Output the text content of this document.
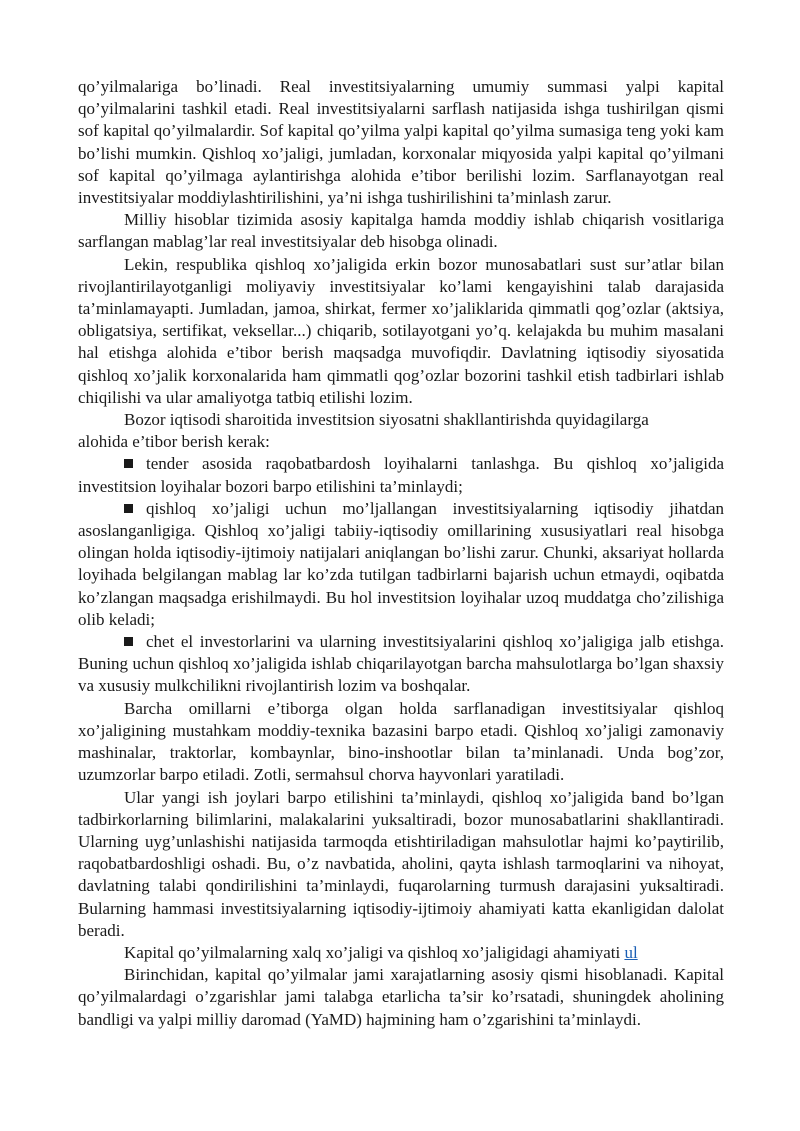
qo’yilmalariga bo’linadi. Real investitsiyalarning umumiy summasi yalpi kapital qo’yilmalarini tashkil etadi. Real investitsiyalarni sarflash natijasida ishga tushirilgan qismi sof kapital qo’yilmalardir. Sof kapital qo’yilma yalpi kapital qo’yilma sumasiga teng yoki kam bo’lishi mumkin. Qishloq xo’jaligi, jumladan, korxonalar miqyosida yalpi kapital qo’yilmani sof kapital qo’yilmaga aylantirishga alohida e’tibor berilishi lozim. Sarflanayotgan real investitsiyalar moddiylashtirilishini, ya’ni ishga tushirilishini ta’minlash zarur.

Milliy hisoblar tizimida asosiy kapitalga hamda moddiy ishlab chiqarish vositlariga sarflangan mablag’lar real investitsiyalar deb hisobga olinadi.

Lekin, respublika qishloq xo’jaligida erkin bozor munosabatlari sust sur’atlar bilan rivojlantirilayotganligi moliyaviy investitsiyalar ko’lami kengayishini talab darajasida ta’minlamayapti. Jumladan, jamoa, shirkat, fermer xo’jaliklarida qimmatli qog’ozlar (aktsiya, obligatsiya, sertifikat, veksellar...) chiqarib, sotilayotgani yo’q. kelajakda bu muhim masalani hal etishga alohida e’tibor berish maqsadga muvofiqdir. Davlatning iqtisodiy siyosatida qishloq xo’jalik korxonalarida ham qimmatli qog’ozlar bozorini tashkil etish tadbirlari ishlab chiqilishi va ular amaliyotga tatbiq etilishi lozim.

Bozor iqtisodi sharoitida investitsion siyosatni shakllantirishda quyidagilarga

alohida e’tibor berish kerak:

tender asosida raqobatbardosh loyihalarni tanlashga. Bu qishloq xo’jaligida investitsion loyihalar bozori barpo etilishini ta’minlaydi;

qishloq xo’jaligi uchun mo’ljallangan investitsiyalarning iqtisodiy jihatdan asoslanganligiga. Qishloq xo’jaligi tabiiy-iqtisodiy omillarining xususiyatlari real hisobga olingan holda iqtisodiy-ijtimoiy natijalari aniqlangan bo’lishi zarur. Chunki, aksariyat hollarda loyihada belgilangan mablag lar ko’zda tutilgan tadbirlarni bajarish uchun etmaydi, oqibatda ko’zlangan maqsadga erishilmaydi. Bu hol investitsion loyihalar uzoq muddatga cho’zilishiga olib keladi;

chet el investorlarini va ularning investitsiyalarini qishloq xo’jaligiga jalb etishga. Buning uchun qishloq xo’jaligida ishlab chiqarilayotgan barcha mahsulotlarga bo’lgan shaxsiy va xususiy mulkchilikni rivojlantirish lozim va boshqalar.

Barcha omillarni e’tiborga olgan holda sarflanadigan investitsiyalar qishloq xo’jaligining mustahkam moddiy-texnika bazasini barpo etadi. Qishloq xo’jaligi zamonaviy mashinalar, traktorlar, kombaynlar, bino-inshootlar bilan ta’minlanadi. Unda bog’zor, uzumzorlar barpo etiladi. Zotli, sermahsul chorva hayvonlari yaratiladi.

Ular yangi ish joylari barpo etilishini ta’minlaydi, qishloq xo’jaligida band bo’lgan tadbirkorlarning bilimlarini, malakalarini yuksaltiradi, bozor munosabatlarini shakllantiradi. Ularning uyg’unlashishi natijasida tarmoqda etishtiriladigan mahsulotlar hajmi ko’paytirilib, raqobatbardoshligi oshadi. Bu, o’z navbatida, aholini, qayta ishlash tarmoqlarini va nihoyat, davlatning talabi qondirilishini ta’minlaydi, fuqarolarning turmush darajasini yuksaltiradi. Bularning hammasi investitsiyalarning iqtisodiy-ijtimoiy ahamiyati katta ekanligidan dalolat beradi.

Kapital qo’yilmalarning xalq xo’jaligi va qishloq xo’jaligidagi ahamiyati ul

Birinchidan, kapital qo’yilmalar jami xarajatlarning asosiy qismi hisoblanadi. Kapital qo’yilmalardagi o’zgarishlar jami talabga etarlicha ta’sir ko’rsatadi, shuningdek aholining bandligi va yalpi milliy daromad (YaMD) hajmining ham o’zgarishini ta’minlaydi.
